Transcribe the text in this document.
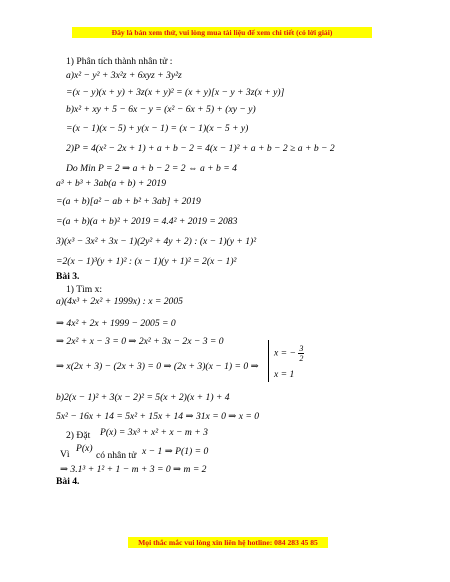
Đây là bản xem thử, vui lòng mua tài liệu để xem chi tiết (có lời giải)
1) Phân tích thành nhân tử :
a)x² − y² + 3x²z + 6xyz + 3y²z
=(x − y)(x + y) + 3z(x + y)² = (x + y)[x − y + 3z(x + y)]
b)x² + xy + 5 − 6x − y = (x² − 6x + 5) + (xy − y)
=(x − 1)(x − 5) + y(x − 1) = (x − 1)(x − 5 + y)
2)P = 4(x² − 2x + 1) + a + b − 2 = 4(x − 1)² + a + b − 2 ≥ a + b − 2
Do Min P = 2 ⇒ a + b − 2 = 2 ⇔ a + b = 4
a³ + b³ + 3ab(a + b) + 2019
=(a + b)[a² − ab + b² + 3ab] + 2019
=(a + b)(a + b)² + 2019 = 4.4² + 2019 = 2083
3)(x³ − 3x² + 3x − 1)(2y² + 4y + 2) : (x − 1)(y + 1)²
=2(x − 1)³(y + 1)² : (x − 1)(y + 1)² = 2(x − 1)²
Bài 3.
1) Tìm x:
a)(4x³ + 2x² + 1999x) : x = 2005
⇒ 4x² + 2x + 1999 − 2005 = 0
⇒ 2x² + x − 3 = 0 ⇒ 2x² + 3x − 2x − 3 = 0
⇒ x(2x + 3) − (2x + 3) = 0 ⇒ (2x + 3)(x − 1) = 0 ⇒
x = − $\frac{3}{2}$
x = 1
b)2(x − 1)² + 3(x − 2)² = 5(x + 2)(x + 1) + 4
5x² − 16x + 14 = 5x² + 15x + 14 ⇒ 31x = 0 ⇒ x = 0
2) Đặt P(x) = 3x³ + x² + x − m + 3
Vì
P(x)
có nhân tử x − 1 ⇒ P(1) = 0
⇒ 3.1³ + 1² + 1 − m + 3 = 0 ⇒ m = 2
Bài 4.
Mọi thắc mắc vui lòng xin liên hệ hotline: 084 283 45 85
